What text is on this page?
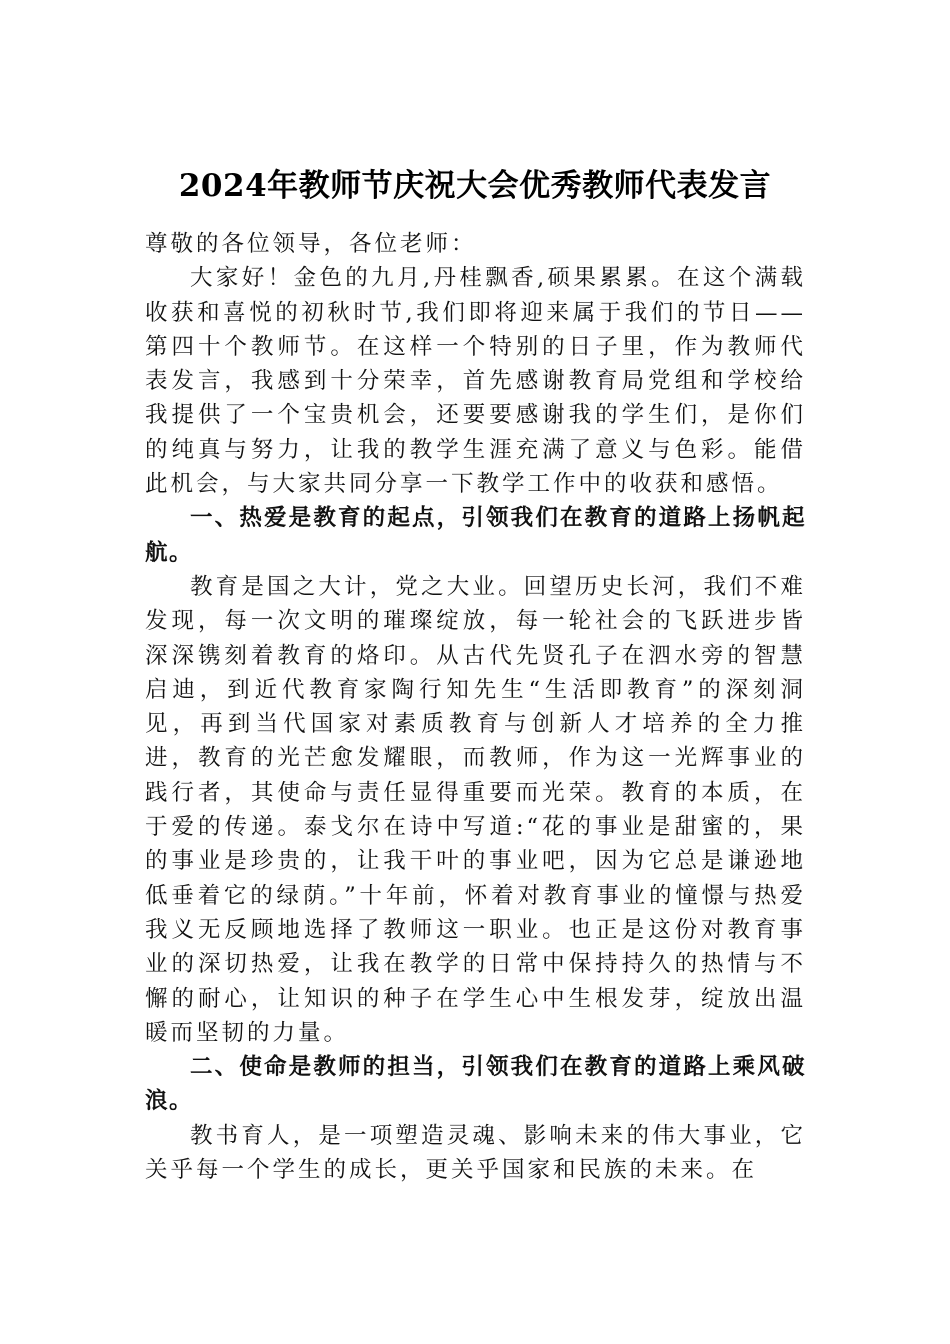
2024年教师节庆祝大会优秀教师代表发言

尊敬的各位领导，各位老师：

大家好！金色的九月,丹桂飘香,硕果累累。在这个满载收获和喜悦的初秋时节,我们即将迎来属于我们的节日——第四十个教师节。在这样一个特别的日子里，作为教师代表发言，我感到十分荣幸，首先感谢教育局党组和学校给我提供了一个宝贵机会，还要要感谢我的学生们，是你们的纯真与努力，让我的教学生涯充满了意义与色彩。能借此机会，与大家共同分享一下教学工作中的收获和感悟。

一、热爱是教育的起点，引领我们在教育的道路上扬帆起航。

教育是国之大计，党之大业。回望历史长河，我们不难发现，每一次文明的璀璨绽放，每一轮社会的飞跃进步皆深深镌刻着教育的烙印。从古代先贤孔子在泗水旁的智慧启迪，到近代教育家陶行知先生“生活即教育”的深刻洞见，再到当代国家对素质教育与创新人才培养的全力推进，教育的光芒愈发耀眼，而教师，作为这一光辉事业的践行者，其使命与责任显得重要而光荣。教育的本质，在于爱的传递。泰戈尔在诗中写道:“花的事业是甜蜜的，果的事业是珍贵的，让我干叶的事业吧，因为它总是谦逊地低垂着它的绿荫。”十年前，怀着对教育事业的憧憬与热爱我义无反顾地选择了教师这一职业。也正是这份对教育事业的深切热爱，让我在教学的日常中保持持久的热情与不懈的耐心，让知识的种子在学生心中生根发芽，绽放出温暖而坚韧的力量。

二、使命是教师的担当，引领我们在教育的道路上乘风破浪。

教书育人，是一项塑造灵魂、影响未来的伟大事业，它关乎每一个学生的成长，更关乎国家和民族的未来。在
